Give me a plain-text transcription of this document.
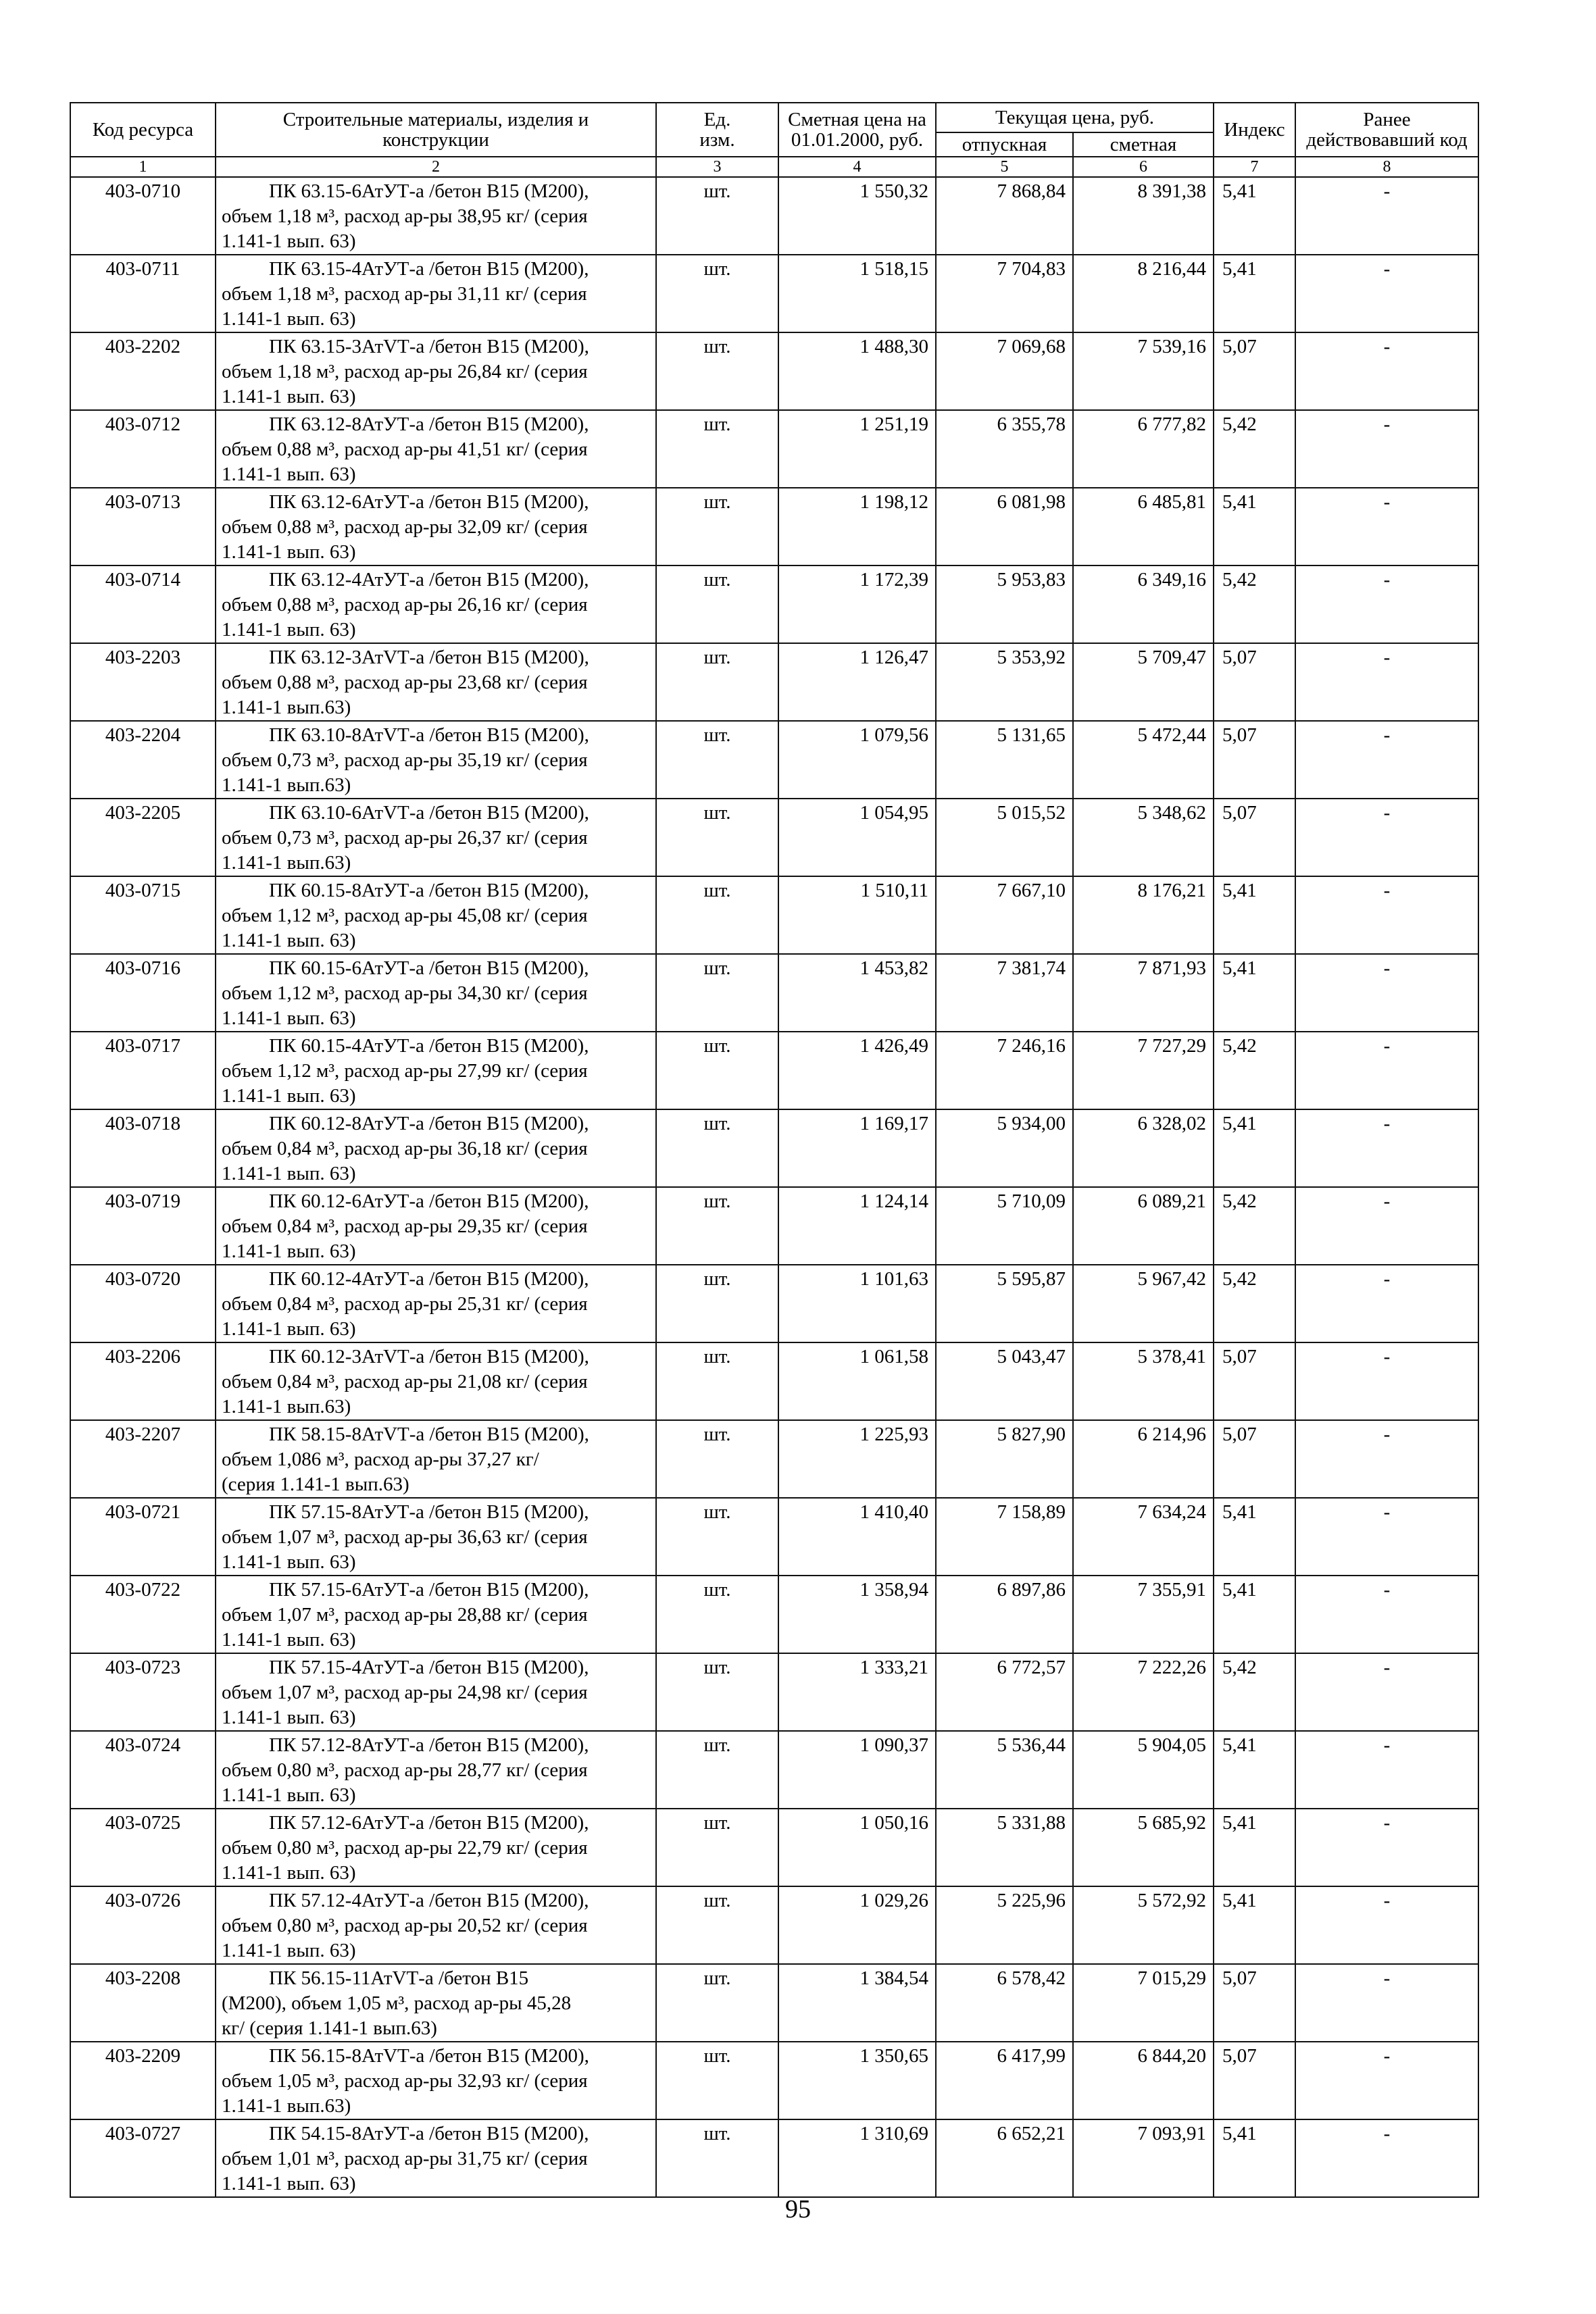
Код ресурса	Строительные материалы, изделия и конструкции	Ед. изм.	Сметная цена на 01.01.2000, руб.	Текущая цена, руб.		Индекс	Ранее действовавший код
				отпускная	сметная		
1	2	3	4	5	6	7	8
403-0710	ПК 63.15-6АтУТ-а /бетон В15 (М200),
объем 1,18 м³, расход ар-ры 38,95 кг/ (серия
1.141-1 вып. 63)	шт.	1 550,32	7 868,84	8 391,38	5,41	-
403-0711	ПК 63.15-4АтУТ-а /бетон В15 (М200),
объем 1,18 м³, расход ар-ры 31,11 кг/ (серия
1.141-1 вып. 63)	шт.	1 518,15	7 704,83	8 216,44	5,41	-
403-2202	ПК 63.15-3АтVТ-а /бетон В15 (М200),
объем 1,18 м³, расход ар-ры 26,84 кг/ (серия
1.141-1 вып. 63)	шт.	1 488,30	7 069,68	7 539,16	5,07	-
403-0712	ПК 63.12-8АтУТ-а /бетон В15 (М200),
объем 0,88 м³, расход ар-ры 41,51 кг/ (серия
1.141-1 вып. 63)	шт.	1 251,19	6 355,78	6 777,82	5,42	-
403-0713	ПК 63.12-6АтУТ-а /бетон В15 (М200),
объем 0,88 м³, расход ар-ры 32,09 кг/ (серия
1.141-1 вып. 63)	шт.	1 198,12	6 081,98	6 485,81	5,41	-
403-0714	ПК 63.12-4АтУТ-а /бетон В15 (М200),
объем 0,88 м³, расход ар-ры 26,16 кг/ (серия
1.141-1 вып. 63)	шт.	1 172,39	5 953,83	6 349,16	5,42	-
403-2203	ПК 63.12-3АтVТ-а /бетон В15 (М200),
объем 0,88 м³, расход ар-ры 23,68 кг/ (серия
1.141-1 вып.63)	шт.	1 126,47	5 353,92	5 709,47	5,07	-
403-2204	ПК 63.10-8АтVТ-а /бетон В15 (М200),
объем 0,73 м³, расход ар-ры 35,19 кг/ (серия
1.141-1 вып.63)	шт.	1 079,56	5 131,65	5 472,44	5,07	-
403-2205	ПК 63.10-6АтVТ-а /бетон В15 (М200),
объем 0,73 м³, расход ар-ры 26,37 кг/ (серия
1.141-1 вып.63)	шт.	1 054,95	5 015,52	5 348,62	5,07	-
403-0715	ПК 60.15-8АтУТ-а /бетон В15 (М200),
объем 1,12 м³, расход ар-ры 45,08 кг/ (серия
1.141-1 вып. 63)	шт.	1 510,11	7 667,10	8 176,21	5,41	-
403-0716	ПК 60.15-6АтУТ-а /бетон В15 (М200),
объем 1,12 м³, расход ар-ры 34,30 кг/ (серия
1.141-1 вып. 63)	шт.	1 453,82	7 381,74	7 871,93	5,41	-
403-0717	ПК 60.15-4АтУТ-а /бетон В15 (М200),
объем 1,12 м³, расход ар-ры 27,99 кг/ (серия
1.141-1 вып. 63)	шт.	1 426,49	7 246,16	7 727,29	5,42	-
403-0718	ПК 60.12-8АтУТ-а /бетон В15 (М200),
объем 0,84 м³, расход ар-ры 36,18 кг/ (серия
1.141-1 вып. 63)	шт.	1 169,17	5 934,00	6 328,02	5,41	-
403-0719	ПК 60.12-6АтУТ-а /бетон В15 (М200),
объем 0,84 м³, расход ар-ры 29,35 кг/ (серия
1.141-1 вып. 63)	шт.	1 124,14	5 710,09	6 089,21	5,42	-
403-0720	ПК 60.12-4АтУТ-а /бетон В15 (М200),
объем 0,84 м³, расход ар-ры 25,31 кг/ (серия
1.141-1 вып. 63)	шт.	1 101,63	5 595,87	5 967,42	5,42	-
403-2206	ПК 60.12-3АтVТ-а /бетон В15 (М200),
объем 0,84 м³, расход ар-ры 21,08 кг/ (серия
1.141-1 вып.63)	шт.	1 061,58	5 043,47	5 378,41	5,07	-
403-2207	ПК 58.15-8АтVТ-а /бетон В15 (М200),
объем 1,086 м³, расход ар-ры 37,27 кг/
(серия 1.141-1 вып.63)	шт.	1 225,93	5 827,90	6 214,96	5,07	-
403-0721	ПК 57.15-8АтУТ-а /бетон В15 (М200),
объем 1,07 м³, расход ар-ры 36,63 кг/ (серия
1.141-1 вып. 63)	шт.	1 410,40	7 158,89	7 634,24	5,41	-
403-0722	ПК 57.15-6АтУТ-а /бетон В15 (М200),
объем 1,07 м³, расход ар-ры 28,88 кг/ (серия
1.141-1 вып. 63)	шт.	1 358,94	6 897,86	7 355,91	5,41	-
403-0723	ПК 57.15-4АтУТ-а /бетон В15 (М200),
объем 1,07 м³, расход ар-ры 24,98 кг/ (серия
1.141-1 вып. 63)	шт.	1 333,21	6 772,57	7 222,26	5,42	-
403-0724	ПК 57.12-8АтУТ-а /бетон В15 (М200),
объем 0,80 м³, расход ар-ры 28,77 кг/ (серия
1.141-1 вып. 63)	шт.	1 090,37	5 536,44	5 904,05	5,41	-
403-0725	ПК 57.12-6АтУТ-а /бетон В15 (М200),
объем 0,80 м³, расход ар-ры 22,79 кг/ (серия
1.141-1 вып. 63)	шт.	1 050,16	5 331,88	5 685,92	5,41	-
403-0726	ПК 57.12-4АтУТ-а /бетон В15 (М200),
объем 0,80 м³, расход ар-ры 20,52 кг/ (серия
1.141-1 вып. 63)	шт.	1 029,26	5 225,96	5 572,92	5,41	-
403-2208	ПК 56.15-11АтVТ-а /бетон В15
(М200), объем 1,05 м³, расход ар-ры 45,28
кг/ (серия 1.141-1 вып.63)	шт.	1 384,54	6 578,42	7 015,29	5,07	-
403-2209	ПК 56.15-8АтVТ-а /бетон В15 (М200),
объем 1,05 м³, расход ар-ры 32,93 кг/ (серия
1.141-1 вып.63)	шт.	1 350,65	6 417,99	6 844,20	5,07	-
403-0727	ПК 54.15-8АтУТ-а /бетон В15 (М200),
объем 1,01 м³, расход ар-ры 31,75 кг/ (серия
1.141-1 вып. 63)	шт.	1 310,69	6 652,21	7 093,91	5,41	-
95
